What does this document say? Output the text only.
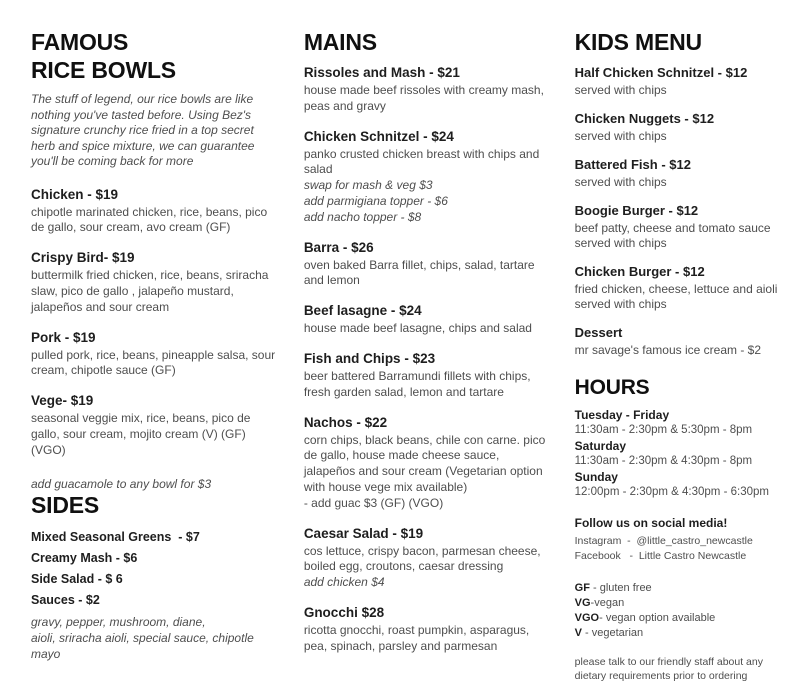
FAMOUS
RICE BOWLS

The stuff of legend, our rice bowls are like nothing you've tasted before. Using Bez's signature crunchy rice fried in a top secret herb and spice mixture, we can guarantee you'll be coming back for more

Chicken - $19

chipotle marinated chicken, rice, beans, pico de gallo, sour cream, avo cream (GF)

Crispy Bird- $19

buttermilk fried chicken, rice, beans, sriracha slaw, pico de gallo , jalapeño mustard, jalapeños and sour cream

Pork - $19

pulled pork, rice, beans, pineapple salsa, sour cream, chipotle sauce (GF)

Vege- $19

seasonal veggie mix, rice, beans, pico de gallo, sour cream, mojito cream (V) (GF) (VGO)

add guacamole to any bowl for $3

SIDES

Mixed Seasonal Greens  - $7

Creamy Mash - $6

Side Salad - $ 6

Sauces - $2

gravy, pepper, mushroom, diane,

aioli, sriracha aioli, special sauce, chipotle mayo

MAINS
Rissoles and Mash - $21

house made beef rissoles with creamy mash, peas and gravy

Chicken Schnitzel - $24

panko crusted chicken breast with chips and salad

swap for mash & veg $3

add parmigiana topper - $6

add nacho topper - $8

Barra - $26

oven baked Barra fillet, chips, salad, tartare and lemon

Beef lasagne - $24

house made beef lasagne, chips and salad

Fish and Chips - $23

beer battered Barramundi fillets with chips, fresh garden salad, lemon and tartare

Nachos - $22

corn chips, black beans, chile con carne. pico de gallo, house made cheese sauce, jalapeños and sour cream (Vegetarian option with house vege mix available)

- add guac $3 (GF) (VGO)

Caesar Salad - $19

cos lettuce, crispy bacon, parmesan cheese, boiled egg, croutons, caesar dressing

add chicken $4

Gnocchi $28

ricotta gnocchi, roast pumpkin, asparagus, pea, spinach, parsley and parmesan

KIDS MENU
Half Chicken Schnitzel - $12

served with chips

Chicken Nuggets - $12

served with chips

Battered Fish - $12

served with chips

Boogie Burger - $12

beef patty, cheese and tomato sauce

served with chips

Chicken Burger - $12

fried chicken, cheese, lettuce and aioli

served with chips

Dessert

mr savage's famous ice cream - $2

HOURS

Tuesday - Friday

11:30am - 2:30pm & 5:30pm - 8pm

Saturday

11:30am - 2:30pm & 4:30pm - 8pm

Sunday

12:00pm - 2:30pm & 4:30pm - 6:30pm

Follow us on social media!

Instagram  -  @little_castro_newcastle

Facebook   -  Little Castro Newcastle

GF - gluten free

VG-vegan

VGO- vegan option available

V - vegetarian

please talk to our friendly staff about any dietary requirements prior to ordering
